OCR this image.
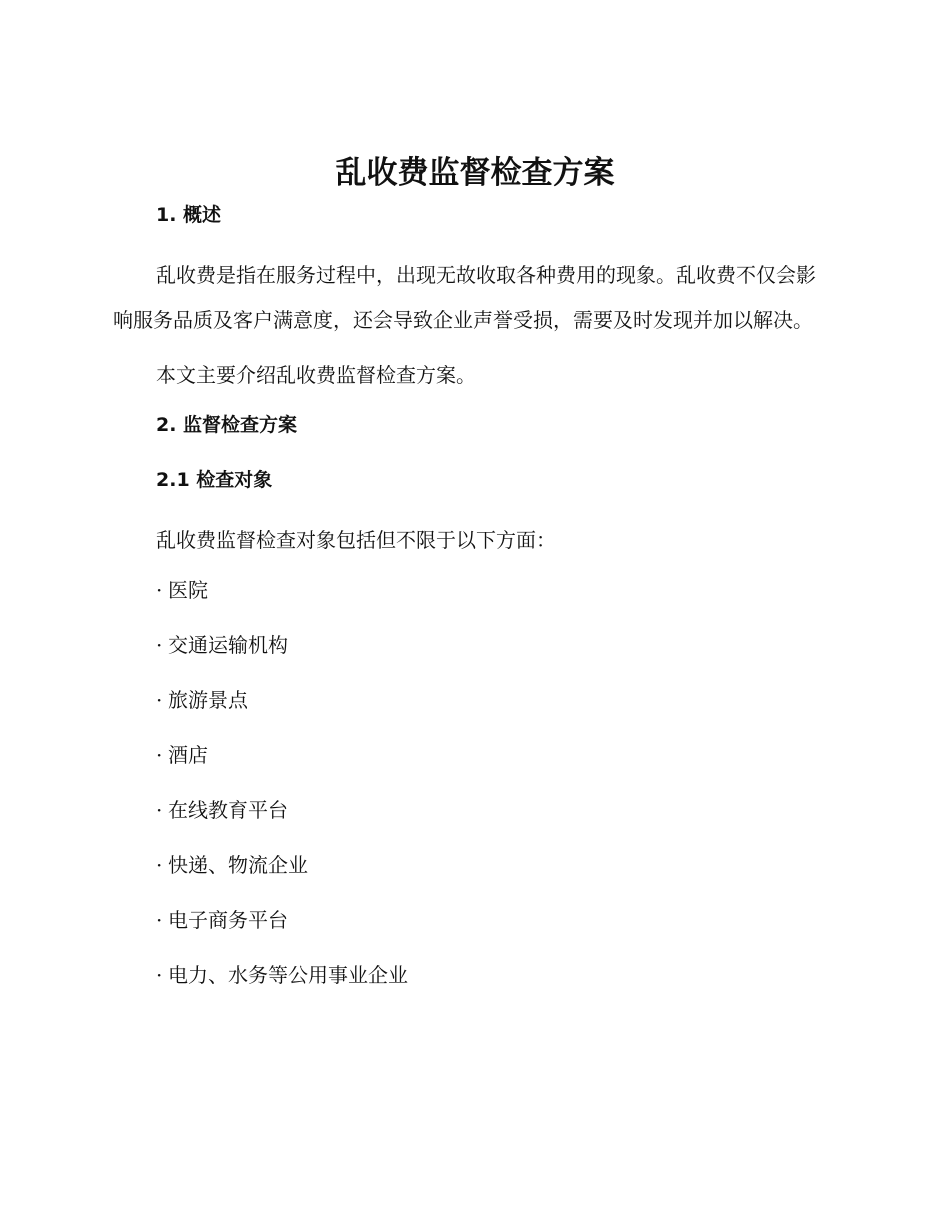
乱收费监督检查方案
1. 概述

乱收费是指在服务过程中，出现无故收取各种费用的现象。乱收费不仅会影响服务品质及客户满意度，还会导致企业声誉受损，需要及时发现并加以解决。

本文主要介绍乱收费监督检查方案。

2. 监督检查方案
2.1 检查对象

乱收费监督检查对象包括但不限于以下方面：

· 医院
· 交通运输机构
· 旅游景点
· 酒店
· 在线教育平台
· 快递、物流企业
· 电子商务平台
· 电力、水务等公用事业企业
